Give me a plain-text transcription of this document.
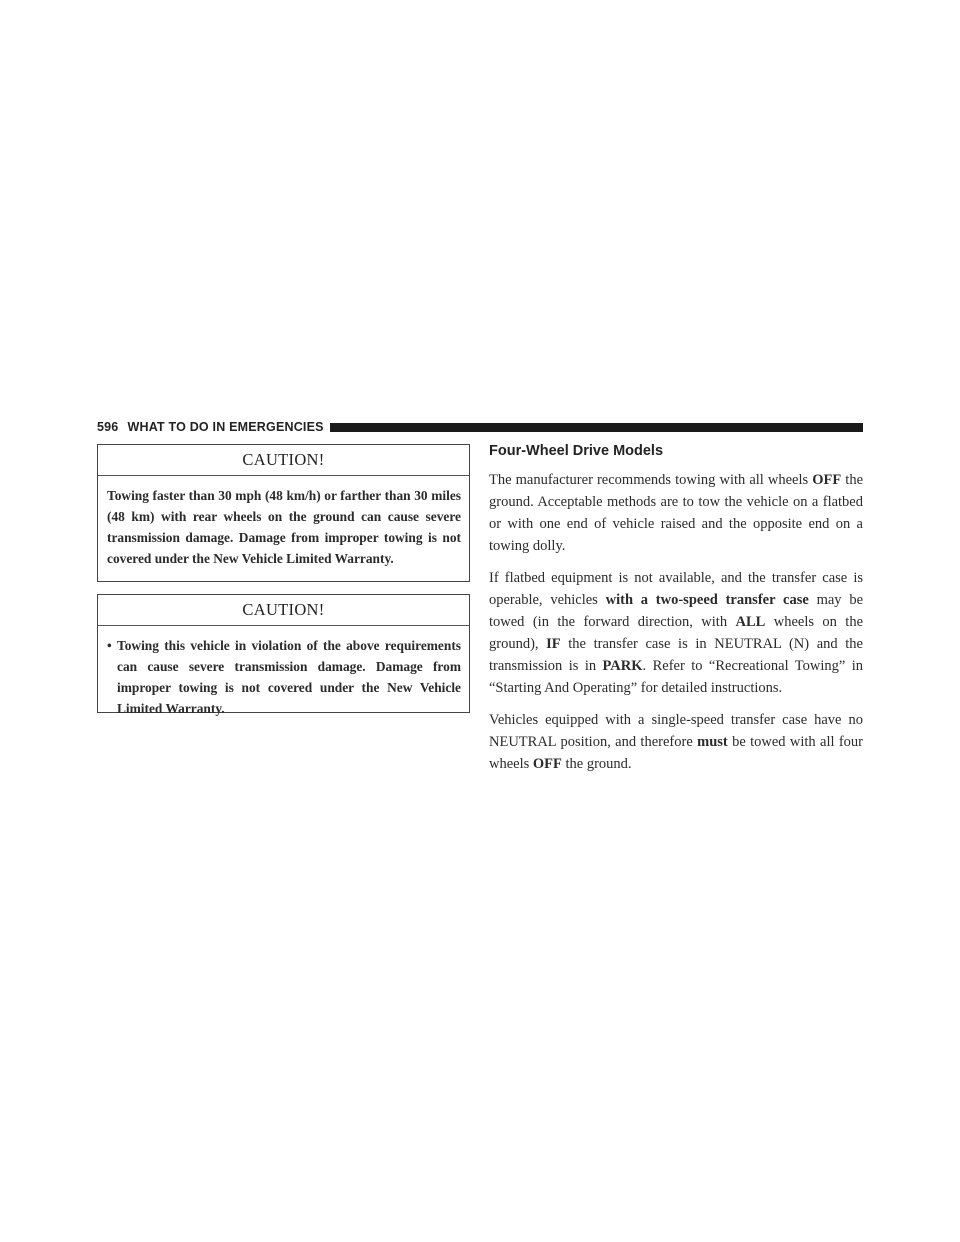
596 WHAT TO DO IN EMERGENCIES
CAUTION!
Towing faster than 30 mph (48 km/h) or farther than 30 miles (48 km) with rear wheels on the ground can cause severe transmission damage. Damage from improper towing is not covered under the New Vehicle Limited Warranty.
CAUTION!
• Towing this vehicle in violation of the above requirements can cause severe transmission damage. Damage from improper towing is not covered under the New Vehicle Limited Warranty.
Four-Wheel Drive Models

The manufacturer recommends towing with all wheels OFF the ground. Acceptable methods are to tow the vehicle on a flatbed or with one end of vehicle raised and the opposite end on a towing dolly.

If flatbed equipment is not available, and the transfer case is operable, vehicles with a two-speed transfer case may be towed (in the forward direction, with ALL wheels on the ground), IF the transfer case is in NEUTRAL (N) and the transmission is in PARK. Refer to “Recreational Towing” in “Starting And Operating” for detailed instructions.

Vehicles equipped with a single-speed transfer case have no NEUTRAL position, and therefore must be towed with all four wheels OFF the ground.
